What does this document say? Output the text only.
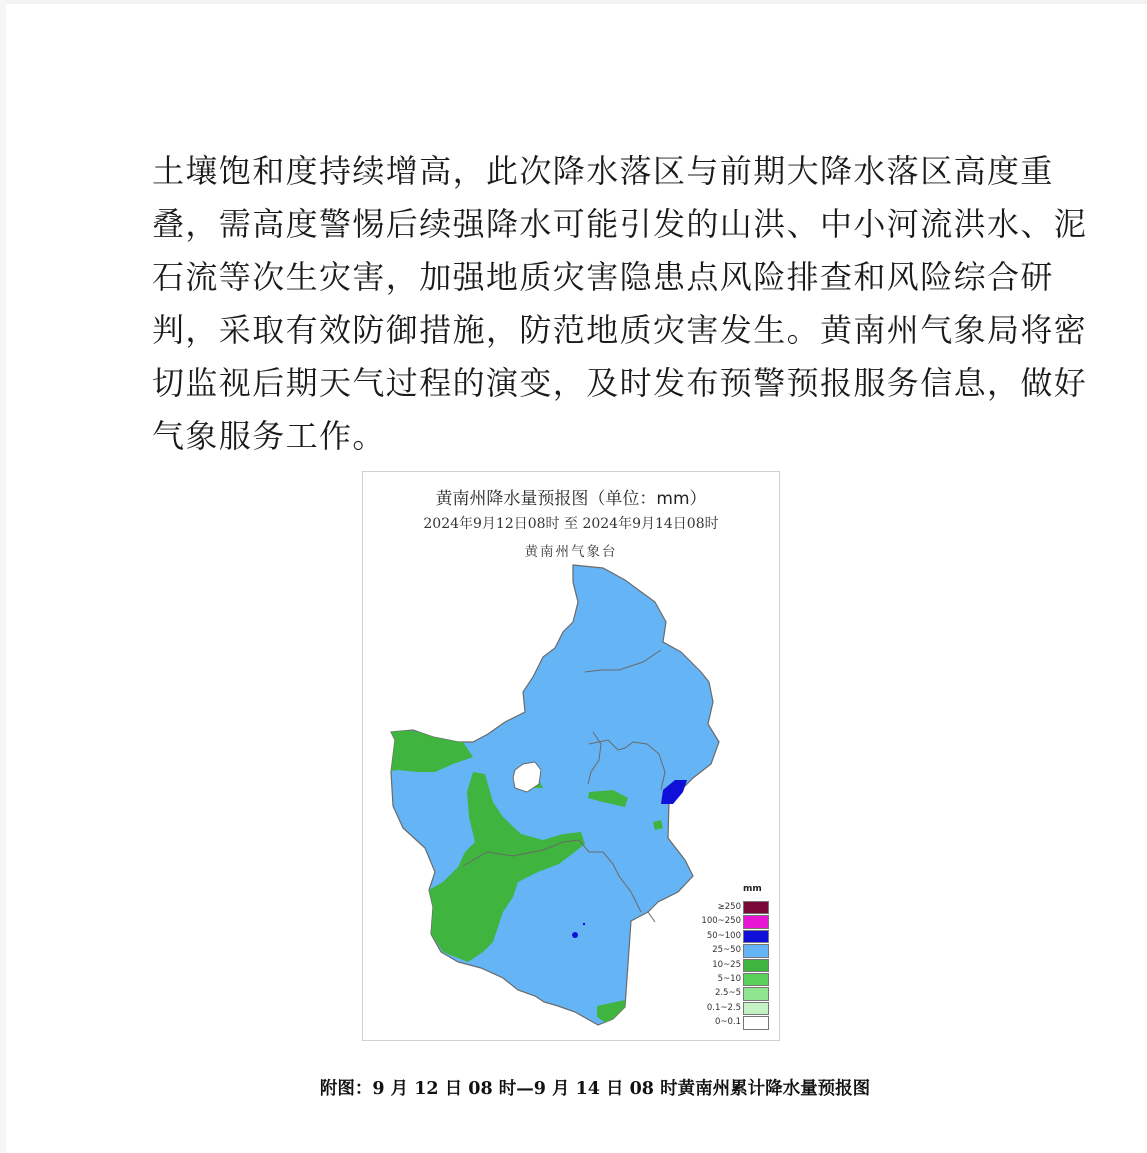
土壤饱和度持续增高，此次降水落区与前期大降水落区高度重
叠，需高度警惕后续强降水可能引发的山洪、中小河流洪水、泥
石流等次生灾害，加强地质灾害隐患点风险排查和风险综合研
判，采取有效防御措施，防范地质灾害发生。黄南州气象局将密
切监视后期天气过程的演变，及时发布预警预报服务信息，做好
气象服务工作。
黄南州降水量预报图（单位：mm）
2024年9月12日08时 至 2024年9月14日08时
黄南州气象台
mm
≥250
100~250
50~100
25~50
10~25
5~10
2.5~5
0.1~2.5
0~0.1
附图：9 月 12 日 08 时—9 月 14 日 08 时黄南州累计降水量预报图
